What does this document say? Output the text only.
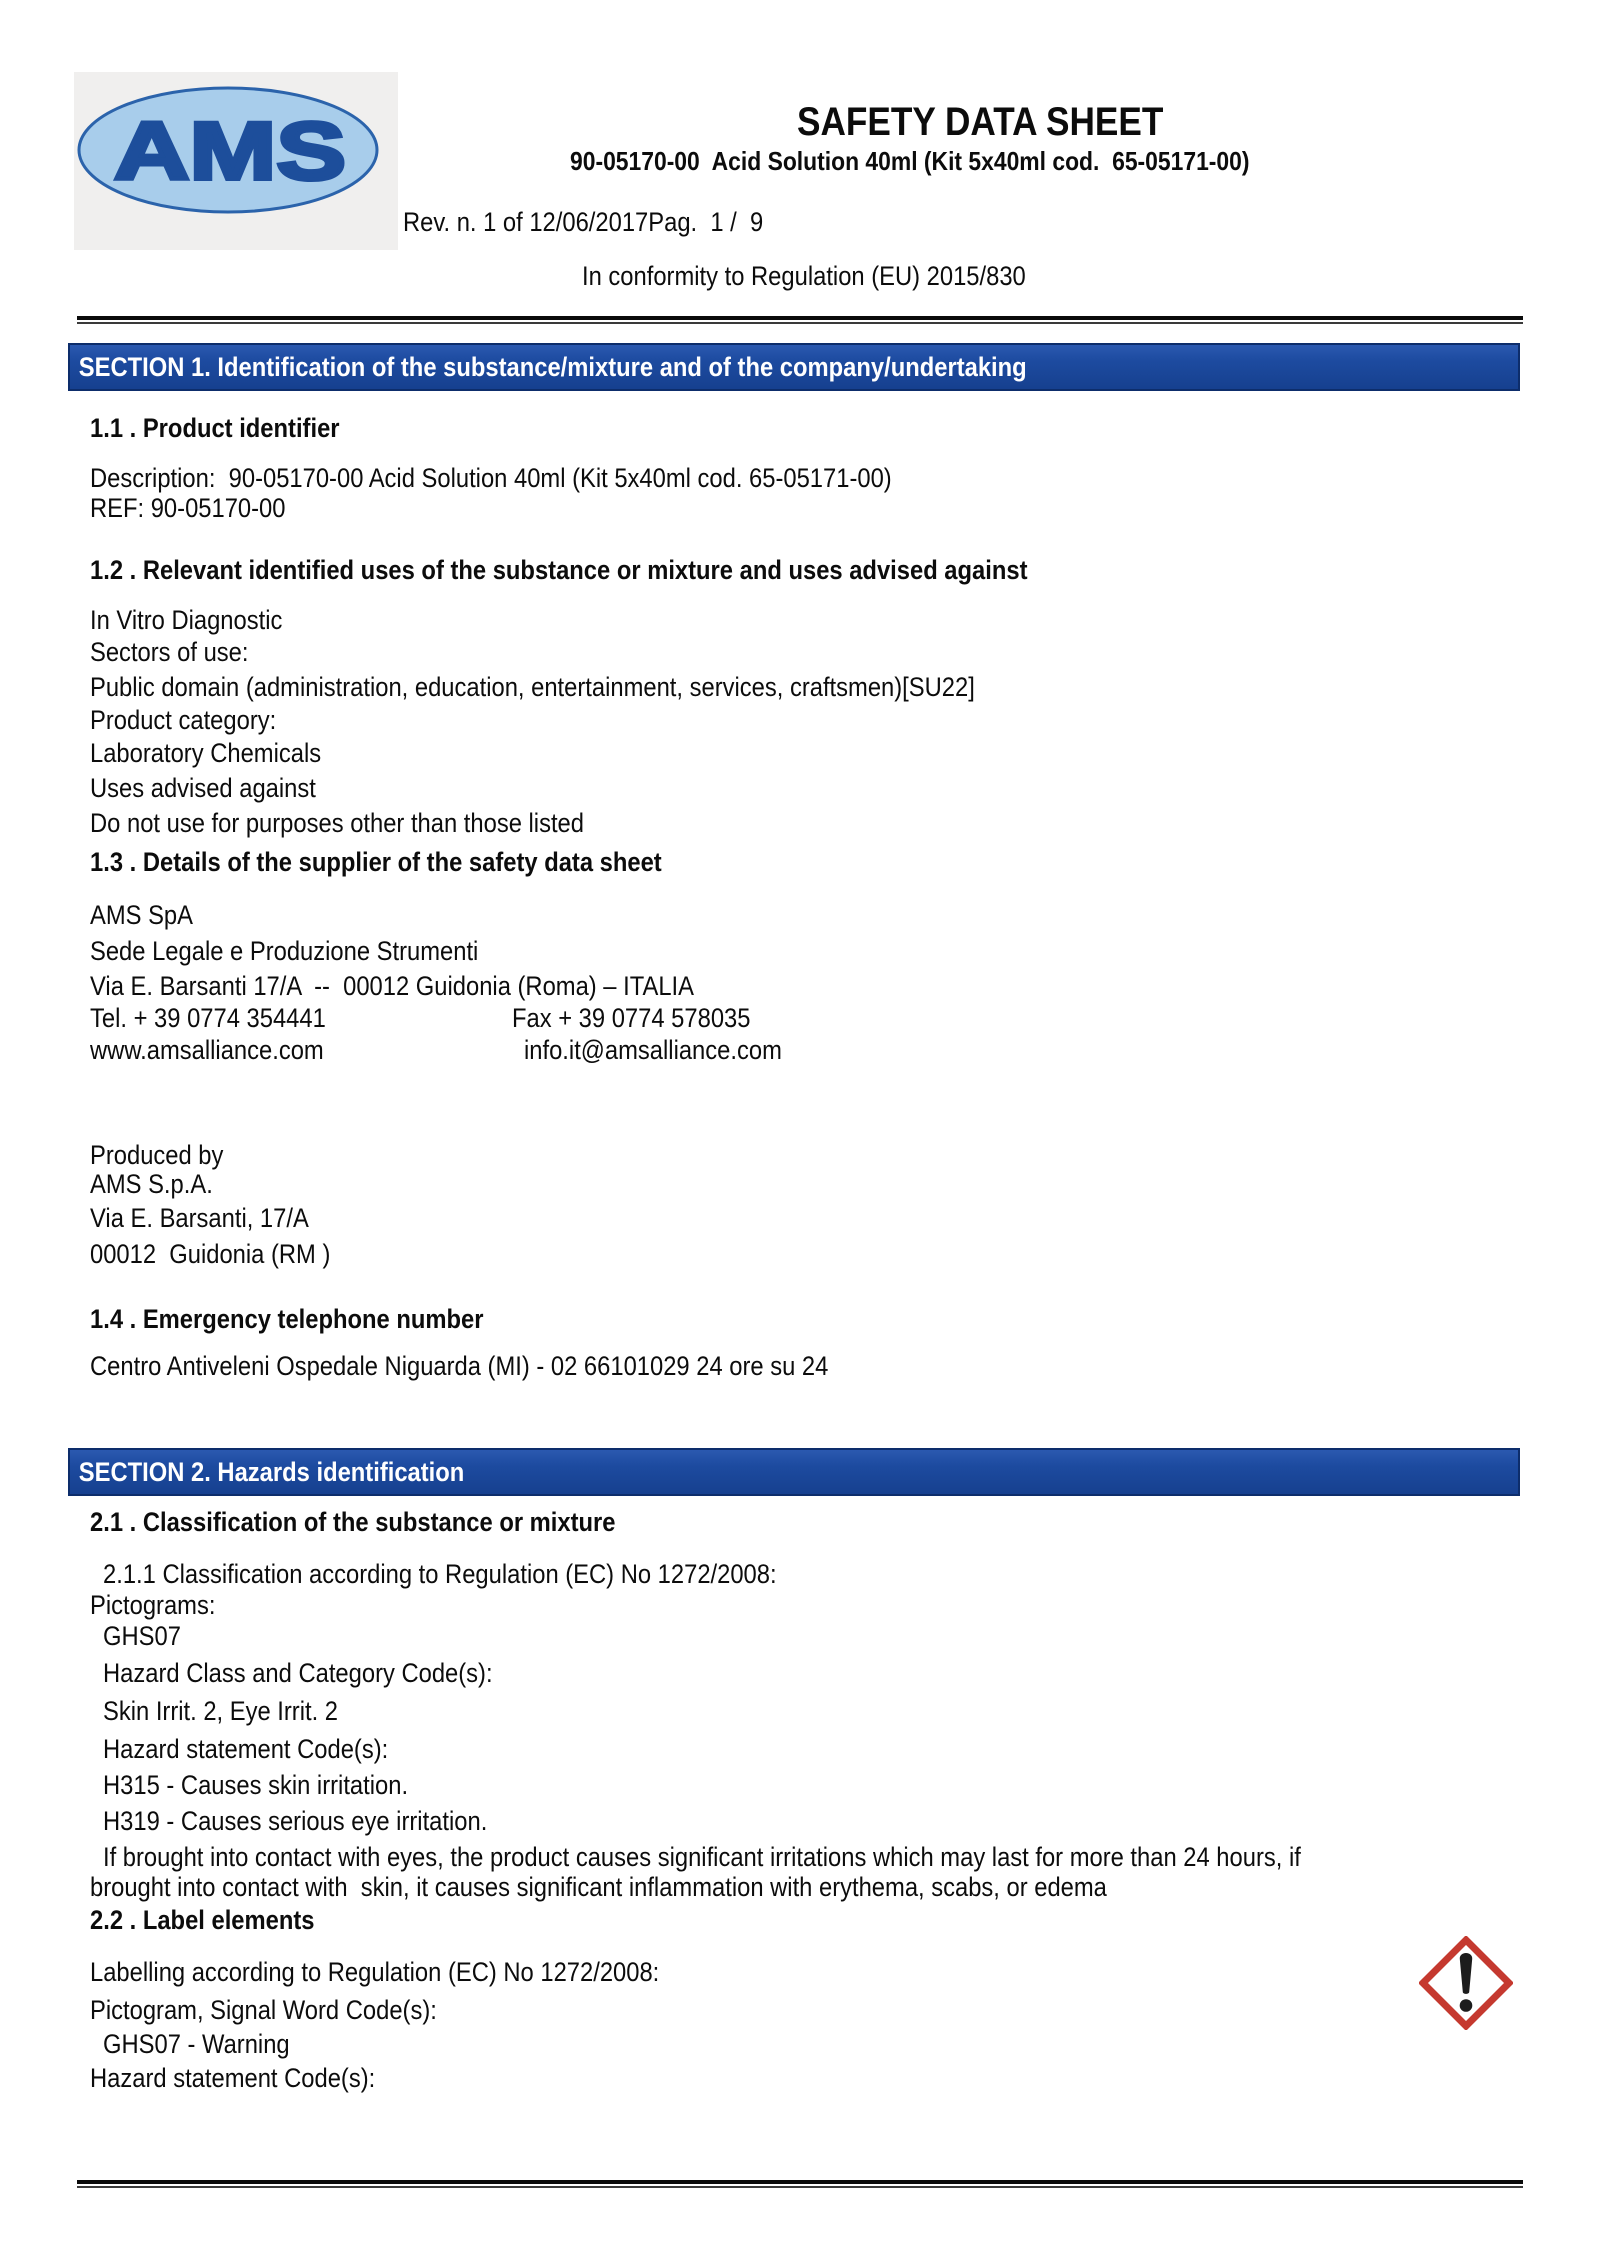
AMS	SAFETY DATA SHEET
90-05170-00  Acid Solution 40ml (Kit 5x40ml cod.  65-05171-00)
Rev. n. 1 of 12/06/2017Pag.  1 /  9
In conformity to Regulation (EU) 2015/830
SECTION 1. Identification of the substance/mixture and of the company/undertaking
1.1 . Product identifier
Description:  90-05170-00 Acid Solution 40ml (Kit 5x40ml cod. 65-05171-00)
REF: 90-05170-00
1.2 . Relevant identified uses of the substance or mixture and uses advised against
In Vitro Diagnostic
Sectors of use:
Public domain (administration, education, entertainment, services, craftsmen)[SU22]
Product category:
Laboratory Chemicals
Uses advised against
Do not use for purposes other than those listed
1.3 . Details of the supplier of the safety data sheet
AMS SpA
Sede Legale e Produzione Strumenti
Via E. Barsanti 17/A  --  00012 Guidonia (Roma) – ITALIA
Tel. + 39 0774 354441	Fax + 39 0774 578035
www.amsalliance.com	info.it@amsalliance.com
Produced by
AMS S.p.A.
Via E. Barsanti, 17/A
00012  Guidonia (RM )
1.4 . Emergency telephone number
Centro Antiveleni Ospedale Niguarda (MI) - 02 66101029 24 ore su 24
SECTION 2. Hazards identification
2.1 . Classification of the substance or mixture
2.1.1 Classification according to Regulation (EC) No 1272/2008:
Pictograms:
GHS07
Hazard Class and Category Code(s):
Skin Irrit. 2, Eye Irrit. 2
Hazard statement Code(s):
H315 - Causes skin irritation.
H319 - Causes serious eye irritation.
If brought into contact with eyes, the product causes significant irritations which may last for more than 24 hours, if
brought into contact with  skin, it causes significant inflammation with erythema, scabs, or edema
2.2 . Label elements
Labelling according to Regulation (EC) No 1272/2008:
Pictogram, Signal Word Code(s):
GHS07 - Warning
Hazard statement Code(s):
